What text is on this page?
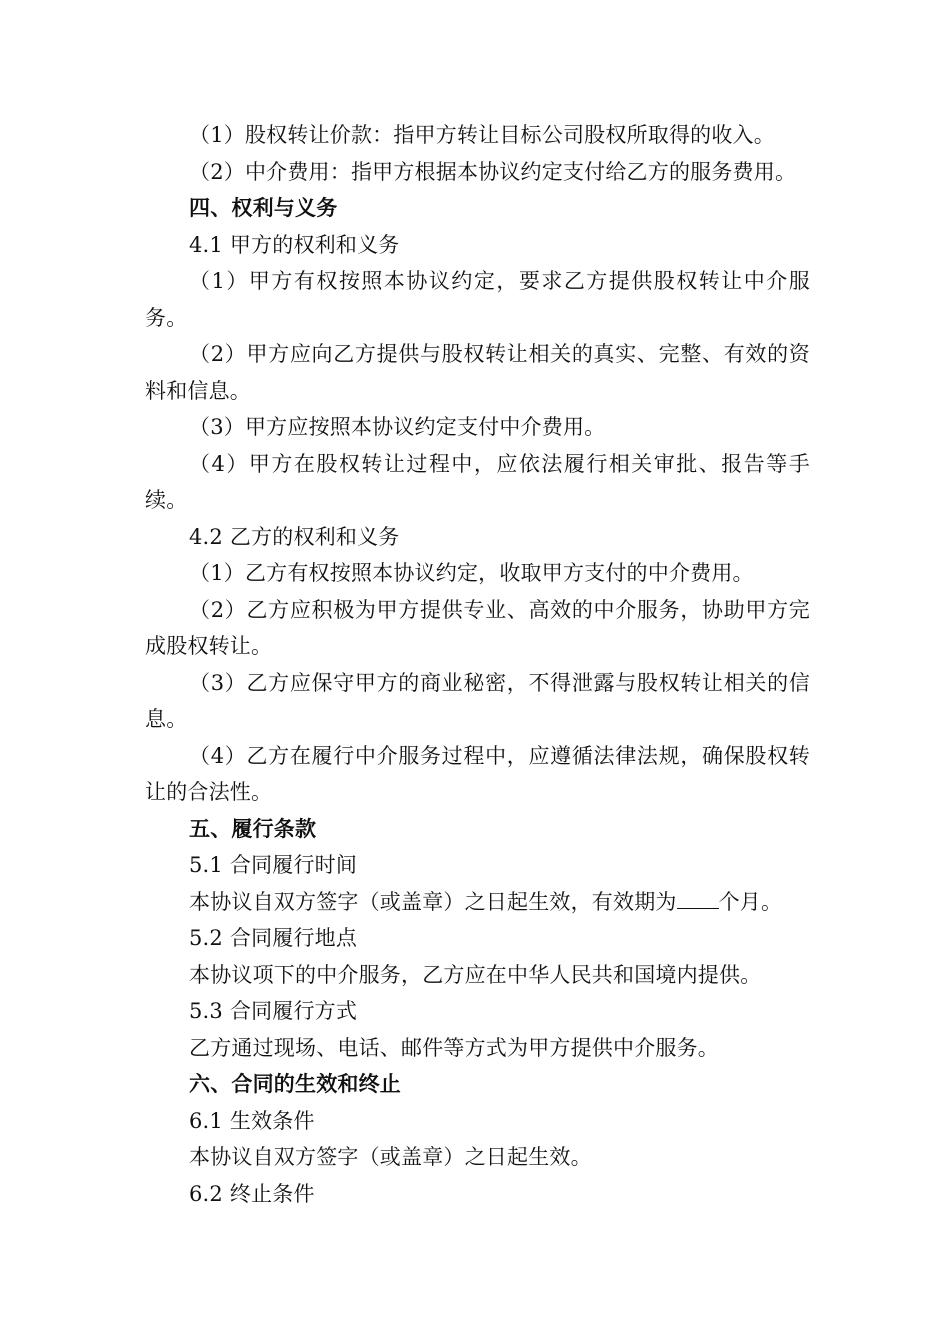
（1）股权转让价款：指甲方转让目标公司股权所取得的收入。

（2）中介费用：指甲方根据本协议约定支付给乙方的服务费用。

四、权利与义务

4.1 甲方的权利和义务

（1）甲方有权按照本协议约定，要求乙方提供股权转让中介服务。

（2）甲方应向乙方提供与股权转让相关的真实、完整、有效的资料和信息。

（3）甲方应按照本协议约定支付中介费用。

（4）甲方在股权转让过程中，应依法履行相关审批、报告等手续。

4.2 乙方的权利和义务

（1）乙方有权按照本协议约定，收取甲方支付的中介费用。

（2）乙方应积极为甲方提供专业、高效的中介服务，协助甲方完成股权转让。

（3）乙方应保守甲方的商业秘密，不得泄露与股权转让相关的信息。

（4）乙方在履行中介服务过程中，应遵循法律法规，确保股权转让的合法性。

五、履行条款

5.1 合同履行时间

本协议自双方签字（或盖章）之日起生效，有效期为 个月。

5.2 合同履行地点

本协议项下的中介服务，乙方应在中华人民共和国境内提供。

5.3 合同履行方式

乙方通过现场、电话、邮件等方式为甲方提供中介服务。

六、合同的生效和终止

6.1 生效条件

本协议自双方签字（或盖章）之日起生效。

6.2 终止条件
